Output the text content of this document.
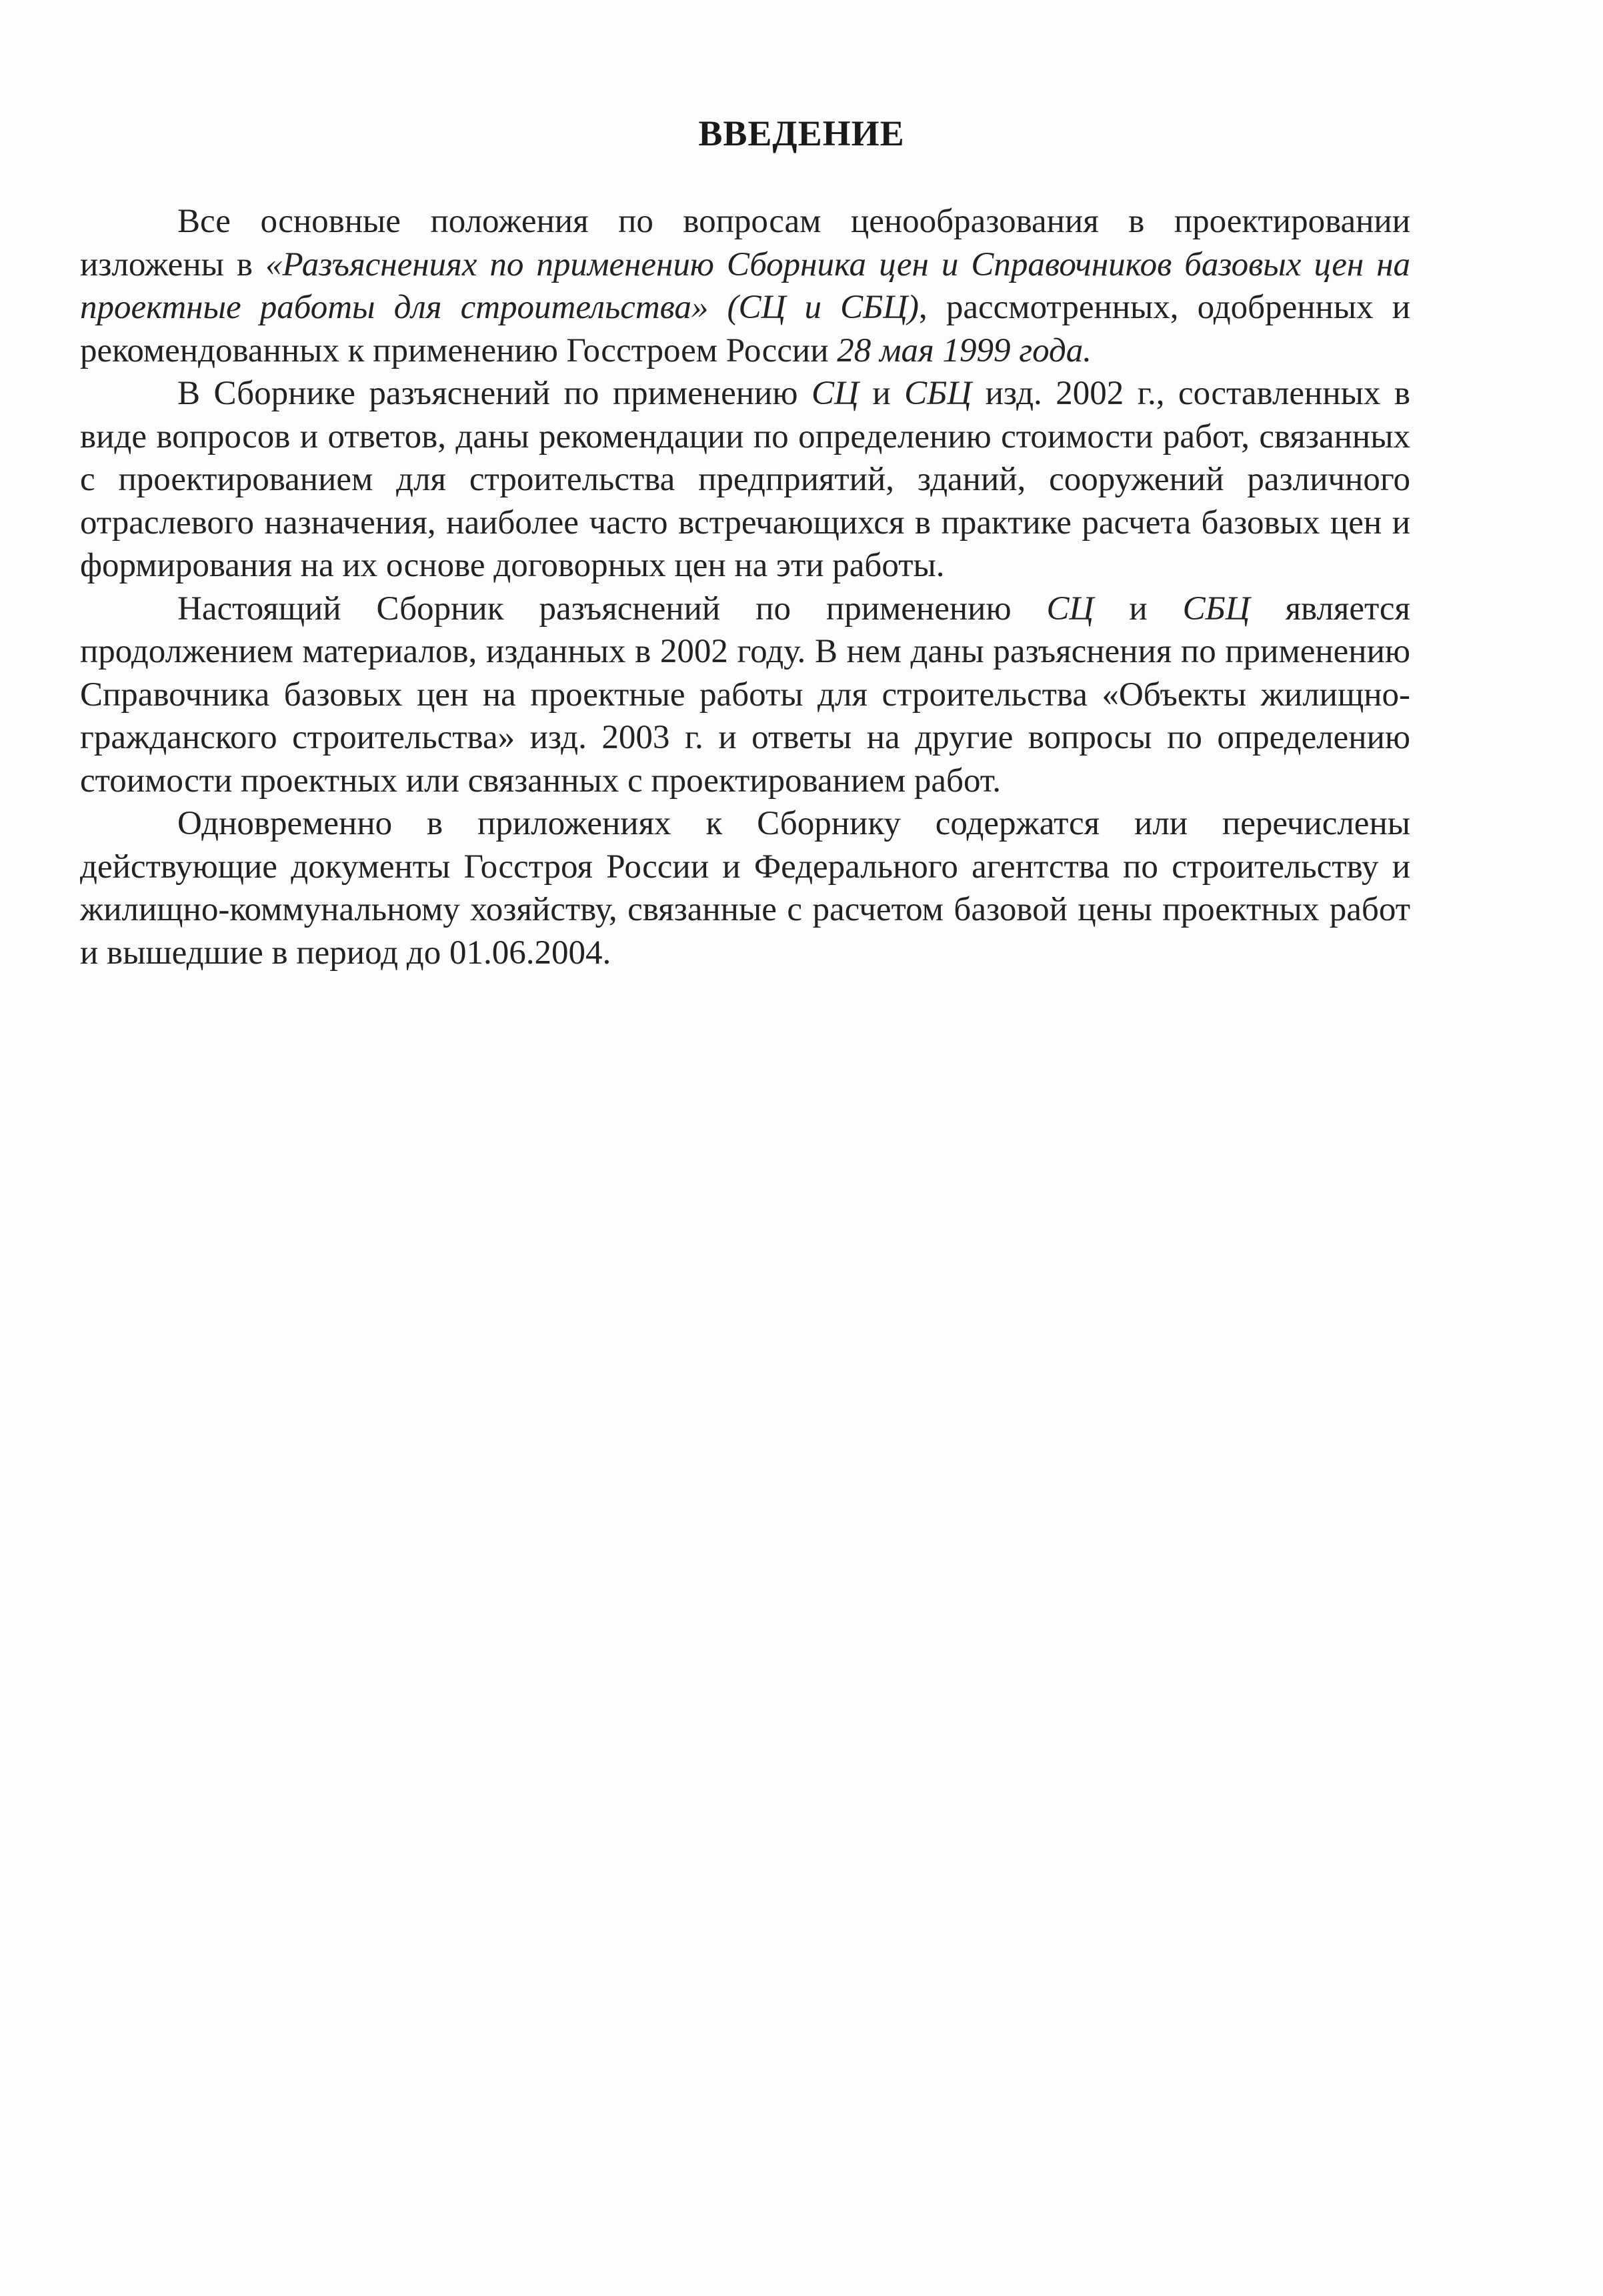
ВВЕДЕНИЕ

Все основные положения по вопросам ценообразования в проектировании изложены в «Разъяснениях по применению Сборника цен и Справочников базовых цен на проектные работы для строительства» (СЦ и СБЦ), рассмотренных, одобренных и рекомендованных к применению Госстроем России 28 мая 1999 года.

В Сборнике разъяснений по применению СЦ и СБЦ изд. 2002 г., составленных в виде вопросов и ответов, даны рекомендации по определению стоимости работ, связанных с проектированием для строительства предприятий, зданий, сооружений различного отраслевого назначения, наиболее часто встречающихся в практике расчета базовых цен и формирования на их основе договорных цен на эти работы.

Настоящий Сборник разъяснений по применению СЦ и СБЦ является продолжением материалов, изданных в 2002 году. В нем даны разъяснения по применению Справочника базовых цен на проектные работы для строительства «Объекты жилищно-гражданского строительства» изд. 2003 г. и ответы на другие вопросы по определению стоимости проектных или связанных с проектированием работ.

Одновременно в приложениях к Сборнику содержатся или перечислены действующие документы Госстроя России и Федерального агентства по строительству и жилищно-коммунальному хозяйству, связанные с расчетом базовой цены проектных работ и вышедшие в период до 01.06.2004.
